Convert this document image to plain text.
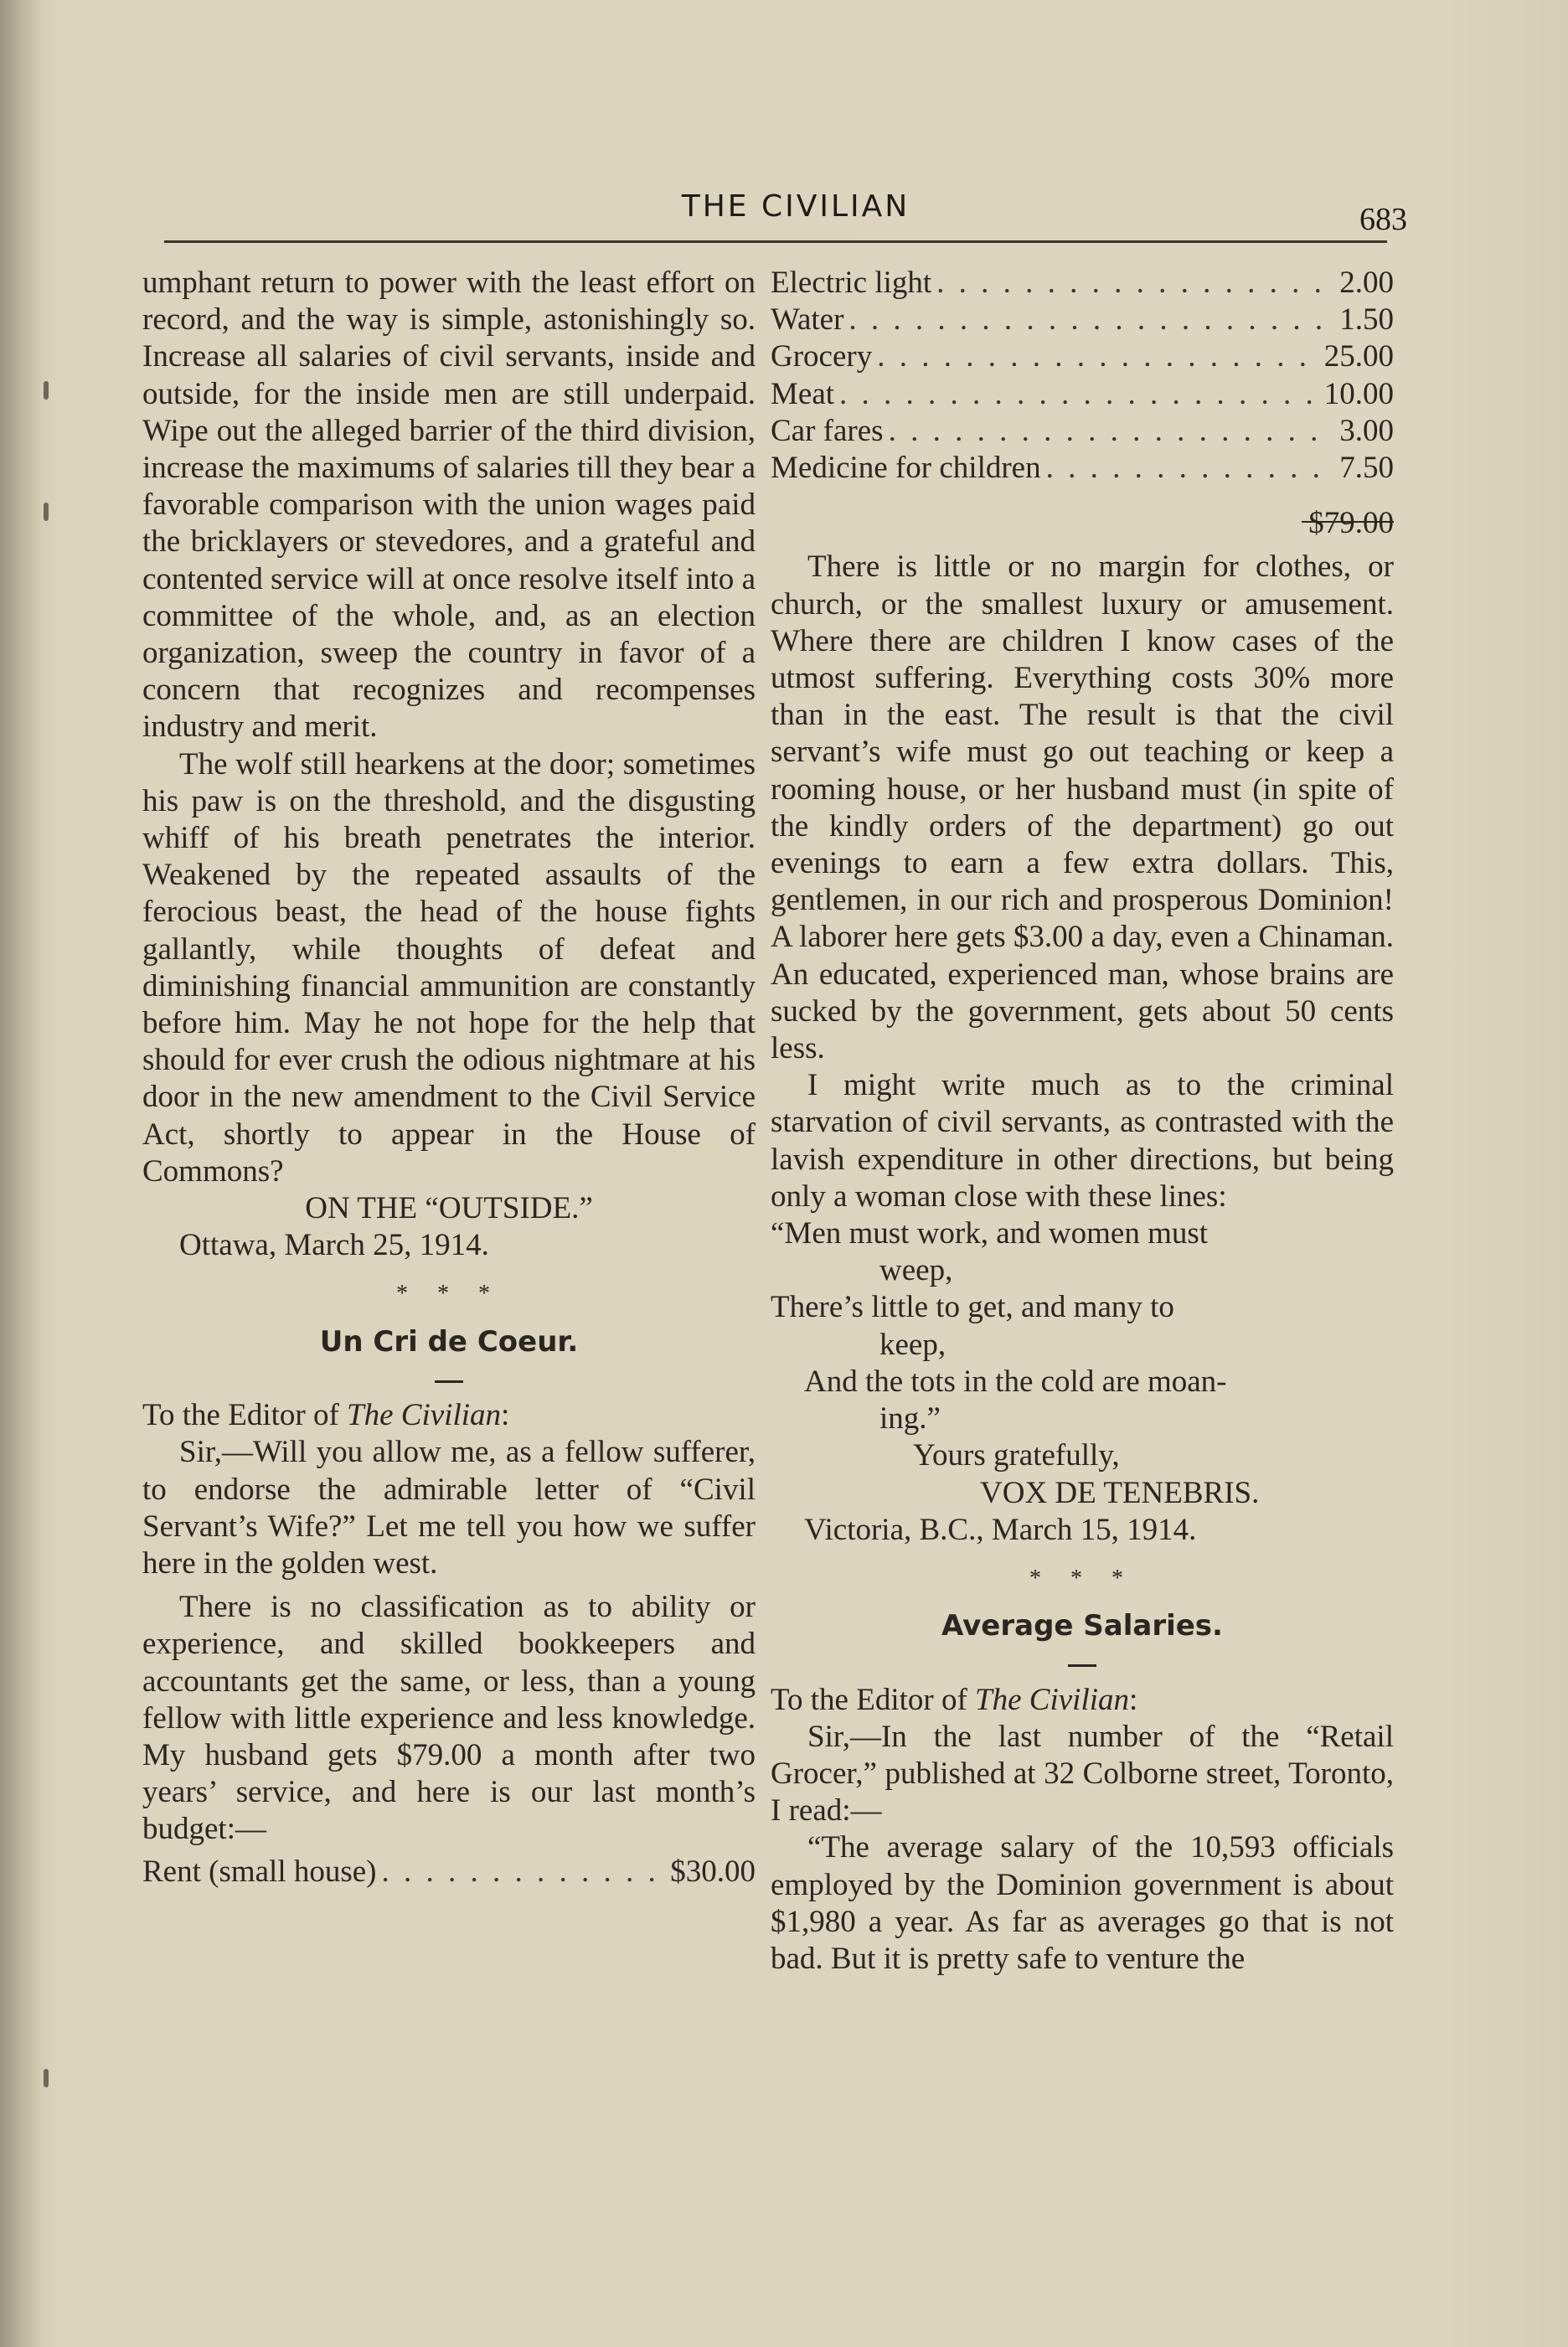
THE CIVILIAN	683

umphant return to power with the least effort on record, and the way is simple, astonishingly so. Increase all salaries of civil servants, inside and outside, for the inside men are still underpaid. Wipe out the alleged barrier of the third division, increase the maximums of salaries till they bear a favorable comparison with the union wages paid the bricklayers or stevedores, and a grateful and contented service will at once resolve itself into a committee of the whole, and, as an election organization, sweep the country in favor of a concern that recognizes and recompenses industry and merit.

The wolf still hearkens at the door; sometimes his paw is on the threshold, and the disgusting whiff of his breath penetrates the interior. Weakened by the repeated assaults of the ferocious beast, the head of the house fights gallantly, while thoughts of defeat and diminishing financial ammunition are constantly before him. May he not hope for the help that should for ever crush the odious nightmare at his door in the new amendment to the Civil Service Act, shortly to appear in the House of Commons?

ON THE “OUTSIDE.”

Ottawa, March 25, 1914.

* * *
Un Cri de Coeur.

To the Editor of The Civilian:

Sir,—Will you allow me, as a fellow sufferer, to endorse the admirable letter of “Civil Servant’s Wife?” Let me tell you how we suffer here in the golden west.

There is no classification as to ability or experience, and skilled bookkeepers and accountants get the same, or less, than a young fellow with little experience and less knowledge. My husband gets $79.00 a month after two years’ service, and here is our last month’s budget:—

Rent (small house) . . .	$30.00
Electric light . . .	2.00
Water . . .	1.50
Grocery . . .	25.00
Meat . . .	10.00
Car fares . . .	3.00
Medicine for children . . .	7.50
$79.00

There is little or no margin for clothes, or church, or the smallest luxury or amusement. Where there are children I know cases of the utmost suffering. Everything costs 30% more than in the east. The result is that the civil servant’s wife must go out teaching or keep a rooming house, or her husband must (in spite of the kindly orders of the department) go out evenings to earn a few extra dollars. This, gentlemen, in our rich and prosperous Dominion! A laborer here gets $3.00 a day, even a Chinaman. An educated, experienced man, whose brains are sucked by the government, gets about 50 cents less.

I might write much as to the criminal starvation of civil servants, as contrasted with the lavish expenditure in other directions, but being only a woman close with these lines:

“Men must work, and women must
weep,
There’s little to get, and many to
keep,
And the tots in the cold are moan-
ing.”
Yours gratefully,
VOX DE TENEBRIS.
Victoria, B.C., March 15, 1914.
* * *
Average Salaries.

To the Editor of The Civilian:

Sir,—In the last number of the “Retail Grocer,” published at 32 Colborne street, Toronto, I read:—

“The average salary of the 10,593 officials employed by the Dominion government is about $1,980 a year. As far as averages go that is not bad. But it is pretty safe to venture the
